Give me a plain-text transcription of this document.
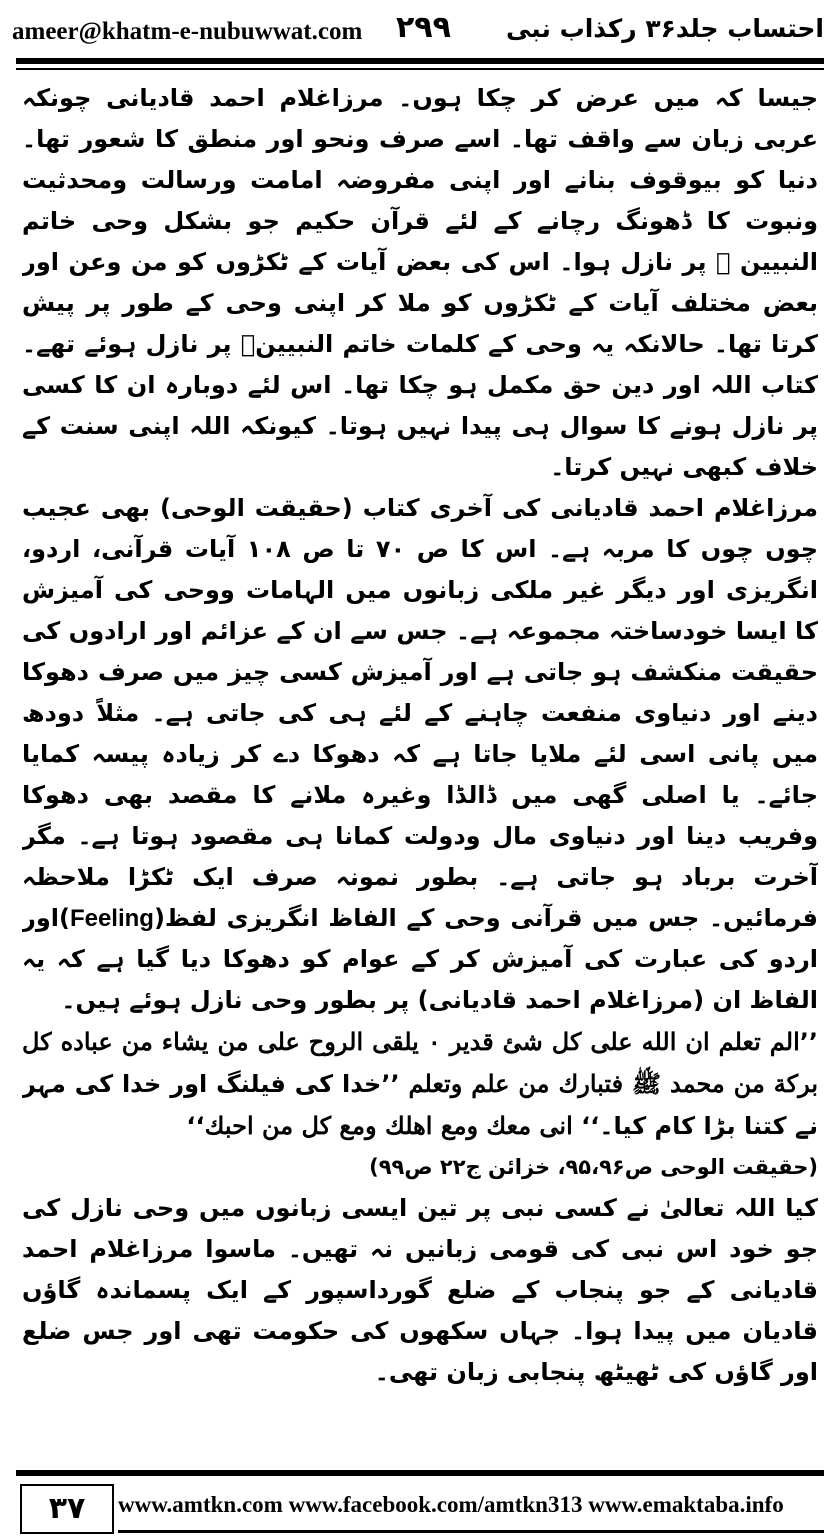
ameer@khatm-e-nubuwwat.com ۲۹۹ احتساب جلد۳۶ رکذاب نبی

جیسا کہ میں عرض کر چکا ہوں۔ مرزاغلام احمد قادیانی چونکہ عربی زبان سے واقف تھا۔ اسے صرف ونحو اور منطق کا شعور تھا۔ دنیا کو بیوقوف بنانے اور اپنی مفروضہ امامت ورسالت ومحدثیت ونبوت کا ڈھونگ رچانے کے لئے قرآن حکیم جو بشکل وحی خاتم النبیین ﷺ پر نازل ہوا۔ اس کی بعض آیات کے ٹکڑوں کو من وعن اور بعض مختلف آیات کے ٹکڑوں کو ملا کر اپنی وحی کے طور پر پیش کرتا تھا۔ حالانکہ یہ وحی کے کلمات خاتم النبیینؐ پر نازل ہوئے تھے۔ کتاب اللہ اور دین حق مکمل ہو چکا تھا۔ اس لئے دوبارہ ان کا کسی پر نازل ہونے کا سوال ہی پیدا نہیں ہوتا۔ کیونکہ اللہ اپنی سنت کے خلاف کبھی نہیں کرتا۔

مرزاغلام احمد قادیانی کی آخری کتاب (حقیقت الوحی) بھی عجیب چوں چوں کا مربہ ہے۔ اس کا ص ۷۰ تا ص ۱۰۸ آیات قرآنی، اردو، انگریزی اور دیگر غیر ملکی زبانوں میں الہامات ووحی کی آمیزش کا ایسا خودساختہ مجموعہ ہے۔ جس سے ان کے عزائم اور ارادوں کی حقیقت منکشف ہو جاتی ہے اور آمیزش کسی چیز میں صرف دھوکا دینے اور دنیاوی منفعت چاہنے کے لئے ہی کی جاتی ہے۔ مثلاً دودھ میں پانی اسی لئے ملایا جاتا ہے کہ دھوکا دے کر زیادہ پیسہ کمایا جائے۔ یا اصلی گھی میں ڈالڈا وغیرہ ملانے کا مقصد بھی دھوکا وفریب دینا اور دنیاوی مال ودولت کمانا ہی مقصود ہوتا ہے۔ مگر آخرت برباد ہو جاتی ہے۔ بطور نمونہ صرف ایک ٹکڑا ملاحظہ فرمائیں۔ جس میں قرآنی وحی کے الفاظ انگریزی لفظ(Feeling)اور اردو کی عبارت کی آمیزش کر کے عوام کو دھوکا دیا گیا ہے کہ یہ الفاظ ان (مرزاغلام احمد قادیانی) پر بطور وحی نازل ہوئے ہیں۔

’’الم تعلم ان الله على كل شئ قدير ۰ يلقى الروح على من يشاء من عباده كل بركة من محمد ﷺ فتبارك من علم وتعلم ’’خدا کی فیلنگ اور خدا کی مہر نے کتنا بڑا کام کیا۔‘‘ انى معك ومع اهلك ومع كل من احبك‘‘

(حقیقت الوحی ص۹۵،۹۶، خزائن ج۲۲ ص۹۹)

کیا اللہ تعالیٰ نے کسی نبی پر تین ایسی زبانوں میں وحی نازل کی جو خود اس نبی کی قومی زبانیں نہ تھیں۔ ماسوا مرزاغلام احمد قادیانی کے جو پنجاب کے ضلع گورداسپور کے ایک پسماندہ گاؤں قادیان میں پیدا ہوا۔ جہاں سکھوں کی حکومت تھی اور جس ضلع اور گاؤں کی ٹھیٹھ پنجابی زبان تھی۔

۳۷	www.amtkn.com www.facebook.com/amtkn313 www.emaktaba.info
